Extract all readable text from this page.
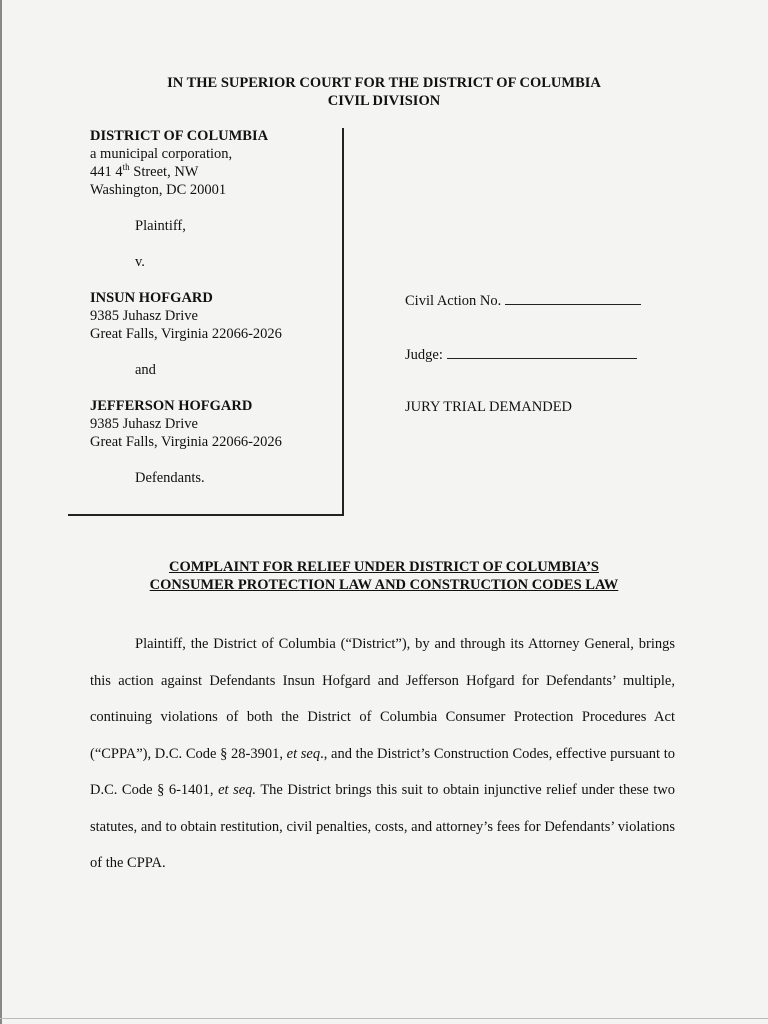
IN THE SUPERIOR COURT FOR THE DISTRICT OF COLUMBIA
CIVIL DIVISION
DISTRICT OF COLUMBIA
a municipal corporation,
441 4th Street, NW
Washington, DC 20001
Plaintiff,
v.
INSUN HOFGARD
9385 Juhasz Drive
Great Falls, Virginia 22066-2026
and
JEFFERSON HOFGARD
9385 Juhasz Drive
Great Falls, Virginia 22066-2026
Defendants.
Civil Action No.
Judge:
JURY TRIAL DEMANDED
COMPLAINT FOR RELIEF UNDER DISTRICT OF COLUMBIA’S
CONSUMER PROTECTION LAW AND CONSTRUCTION CODES LAW
Plaintiff, the District of Columbia (“District”), by and through its Attorney General, brings this action against Defendants Insun Hofgard and Jefferson Hofgard for Defendants’ multiple, continuing violations of both the District of Columbia Consumer Protection Procedures Act (“CPPA”), D.C. Code § 28-3901, et seq., and the District’s Construction Codes, effective pursuant to D.C. Code § 6-1401, et seq. The District brings this suit to obtain injunctive relief under these two statutes, and to obtain restitution, civil penalties, costs, and attorney’s fees for Defendants’ violations of the CPPA.
